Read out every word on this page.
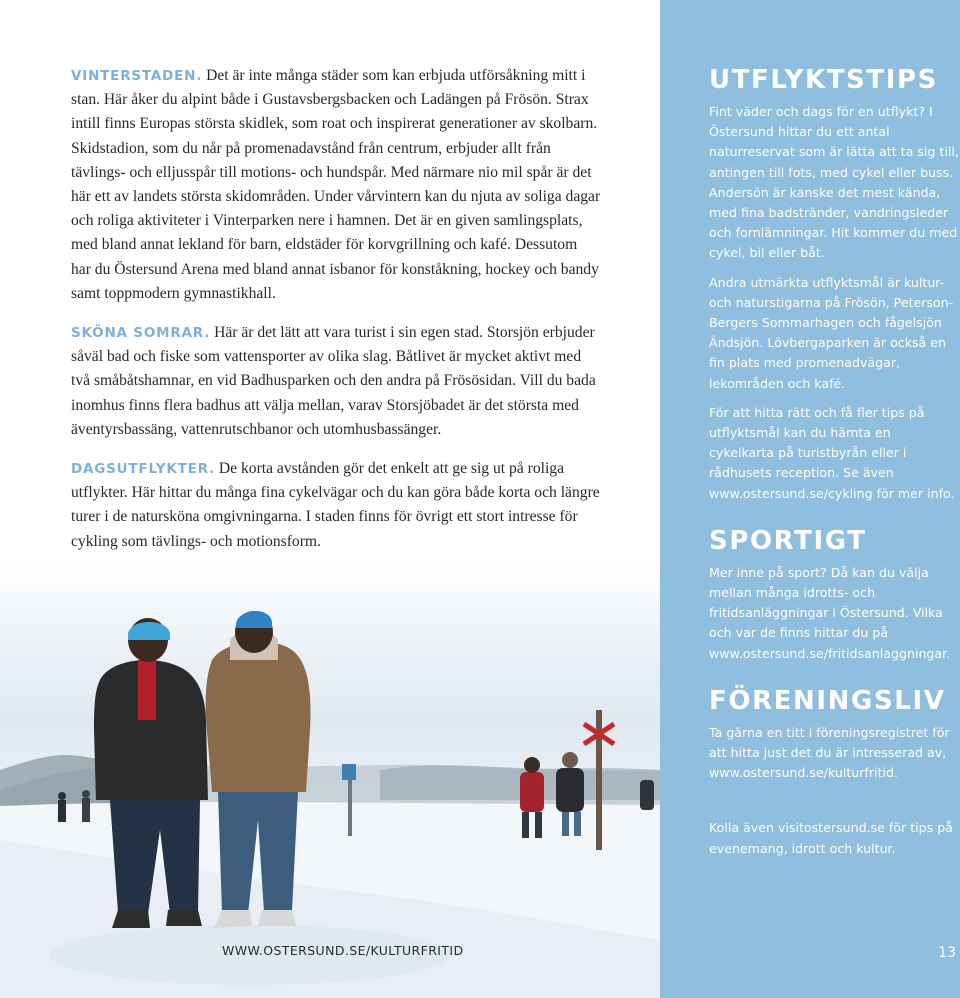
VINTERSTADEN. Det är inte många städer som kan erbjuda utförsåkning mitt i stan. Här åker du alpint både i Gustavsbergsbacken och Ladängen på Frösön. Strax intill finns Europas största skidlek, som roat och inspirerat generationer av skolbarn. Skidstadion, som du når på promenadavstånd från centrum, erbjuder allt från tävlings- och elljusspår till motions- och hundspår. Med närmare nio mil spår är det här ett av landets största skidområden. Under vårvintern kan du njuta av soliga dagar och roliga aktiviteter i Vinterparken nere i hamnen. Det är en given samlingsplats, med bland annat lekland för barn, eldstäder för korvgrillning och kafé. Dessutom har du Östersund Arena med bland annat isbanor för konståkning, hockey och bandy samt toppmodern gymnastikhall.

SKÖNA SOMRAR. Här är det lätt att vara turist i sin egen stad. Storsjön erbjuder såväl bad och fiske som vattensporter av olika slag. Båtlivet är mycket aktivt med två småbåtshamnar, en vid Badhusparken och den andra på Frösösidan. Vill du bada inomhus finns flera badhus att välja mellan, varav Storsjöbadet är det största med äventyrsbassäng, vattenrutschbanor och utomhusbassänger.

DAGSUTFLYKTER. De korta avstånden gör det enkelt att ge sig ut på roliga utflykter. Här hittar du många fina cykelvägar och du kan göra både korta och längre turer i de natursköna omgivningarna. I staden finns för övrigt ett stort intresse för cykling som tävlings- och motionsform.

WWW.OSTERSUND.SE/KULTURFRITID
UTFLYKTSTIPS
Fint väder och dags för en utflykt? I Östersund hittar du ett antal naturreservat som är lätta att ta sig till, antingen till fots, med cykel eller buss. Andersön är kanske det mest kända, med fina badstränder, vandringsleder och fornlämningar. Hit kommer du med cykel, bil eller båt.
Andra utmärkta utflyktsmål är kultur- och naturstigarna på Frösön, Peterson-Bergers Sommarhagen och fågelsjön Ändsjön. Lövbergaparken är också en fin plats med promenadvägar, lekområden och kafé.
För att hitta rätt och få fler tips på utflyktsmål kan du hämta en cykelkarta på turistbyrån eller i rådhusets reception. Se även www.ostersund.se/cykling för mer info.
SPORTIGT
Mer inne på sport? Då kan du välja mellan många idrotts- och fritidsanläggningar i Östersund. Vilka och var de finns hittar du på www.ostersund.se/fritidsanlaggningar.
FÖRENINGSLIV
Ta gärna en titt i föreningsregistret för att hitta just det du är intresserad av, www.ostersund.se/kulturfritid.
Kolla även visitostersund.se för tips på evenemang, idrott och kultur.
13
